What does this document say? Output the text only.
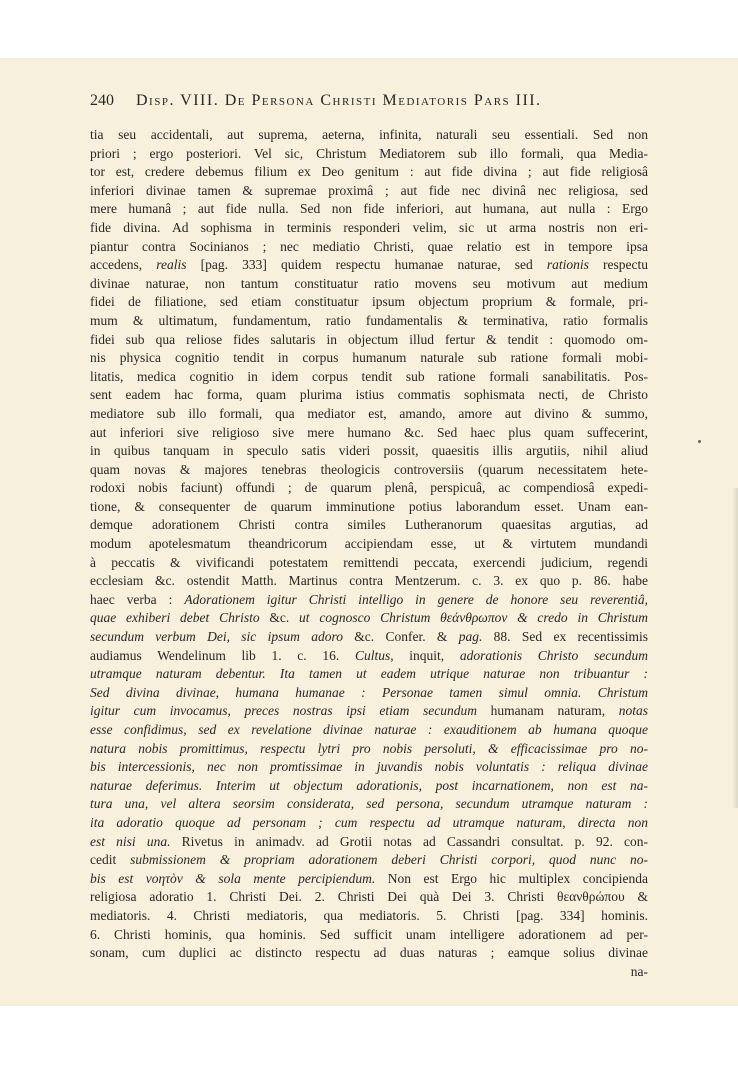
240 Disp. VIII. De Persona Christi Mediatoris Pars III.
tia seu accidentali, aut suprema, aeterna, infinita, naturali seu essentiali. Sed non
priori ; ergo posteriori. Vel sic, Christum Mediatorem sub illo formali, qua Media-
tor est, credere debemus filium ex Deo genitum : aut fide divina ; aut fide religiosâ
inferiori divinae tamen & supremae proximâ ; aut fide nec divinâ nec religiosa, sed
mere humanâ ; aut fide nulla. Sed non fide inferiori, aut humana, aut nulla : Ergo
fide divina. Ad sophisma in terminis responderi velim, sic ut arma nostris non eri-
piantur contra Socinianos ; nec mediatio Christi, quae relatio est in tempore ipsa
accedens, realis [pag. 333] quidem respectu humanae naturae, sed rationis respectu
divinae naturae, non tantum constituatur ratio movens seu motivum aut medium
fidei de filiatione, sed etiam constituatur ipsum objectum proprium & formale, pri-
mum & ultimatum, fundamentum, ratio fundamentalis & terminativa, ratio formalis
fidei sub qua reliose fides salutaris in objectum illud fertur & tendit : quomodo om-
nis physica cognitio tendit in corpus humanum naturale sub ratione formali mobi-
litatis, medica cognitio in idem corpus tendit sub ratione formali sanabilitatis. Pos-
sent eadem hac forma, quam plurima istius commatis sophismata necti, de Christo
mediatore sub illo formali, qua mediator est, amando, amore aut divino & summo,
aut inferiori sive religioso sive mere humano &c. Sed haec plus quam suffecerint,
in quibus tanquam in speculo satis videri possit, quaesitis illis argutiis, nihil aliud
quam novas & majores tenebras theologicis controversiis (quarum necessitatem hete-
rodoxi nobis faciunt) offundi ; de quarum plenâ, perspicuâ, ac compendiosâ expedi-
tione, & consequenter de quarum imminutione potius laborandum esset. Unam ean-
demque adorationem Christi contra similes Lutheranorum quaesitas argutias, ad
modum apotelesmatum theandricorum accipiendam esse, ut & virtutem mundandi
à peccatis & vivificandi potestatem remittendi peccata, exercendi judicium, regendi
ecclesiam &c. ostendit Matth. Martinus contra Mentzerum. c. 3. ex quo p. 86. habe
haec verba : Adorationem igitur Christi intelligo in genere de honore seu reverentiâ,
quae exhiberi debet Christo &c. ut cognosco Christum θεάνθρωπον & credo in Christum
secundum verbum Dei, sic ipsum adoro &c. Confer. & pag. 88. Sed ex recentissimis
audiamus Wendelinum lib 1. c. 16. Cultus, inquit, adorationis Christo secundum
utramque naturam debentur. Ita tamen ut eadem utrique naturae non tribuantur :
Sed divina divinae, humana humanae : Personae tamen simul omnia. Christum
igitur cum invocamus, preces nostras ipsi etiam secundum humanam naturam, notas
esse confidimus, sed ex revelatione divinae naturae : exauditionem ab humana quoque
natura nobis promittimus, respectu lytri pro nobis persoluti, & efficacissimae pro no-
bis intercessionis, nec non promtissimae in juvandis nobis voluntatis : reliqua divinae
naturae deferimus. Interim ut objectum adorationis, post incarnationem, non est na-
tura una, vel altera seorsim considerata, sed persona, secundum utramque naturam :
ita adoratio quoque ad personam ; cum respectu ad utramque naturam, directa non
est nisi una. Rivetus in animadv. ad Grotii notas ad Cassandri consultat. p. 92. con-
cedit submissionem & propriam adorationem deberi Christi corpori, quod nunc no-
bis est νοητὸν & sola mente percipiendum. Non est Ergo hic multiplex concipienda
religiosa adoratio 1. Christi Dei. 2. Christi Dei quà Dei 3. Christi θεανθρώπου &
mediatoris. 4. Christi mediatoris, qua mediatoris. 5. Christi [pag. 334] hominis.
6. Christi hominis, qua hominis. Sed sufficit unam intelligere adorationem ad per-
sonam, cum duplici ac distincto respectu ad duas naturas ; eamque solius divinae
na-
